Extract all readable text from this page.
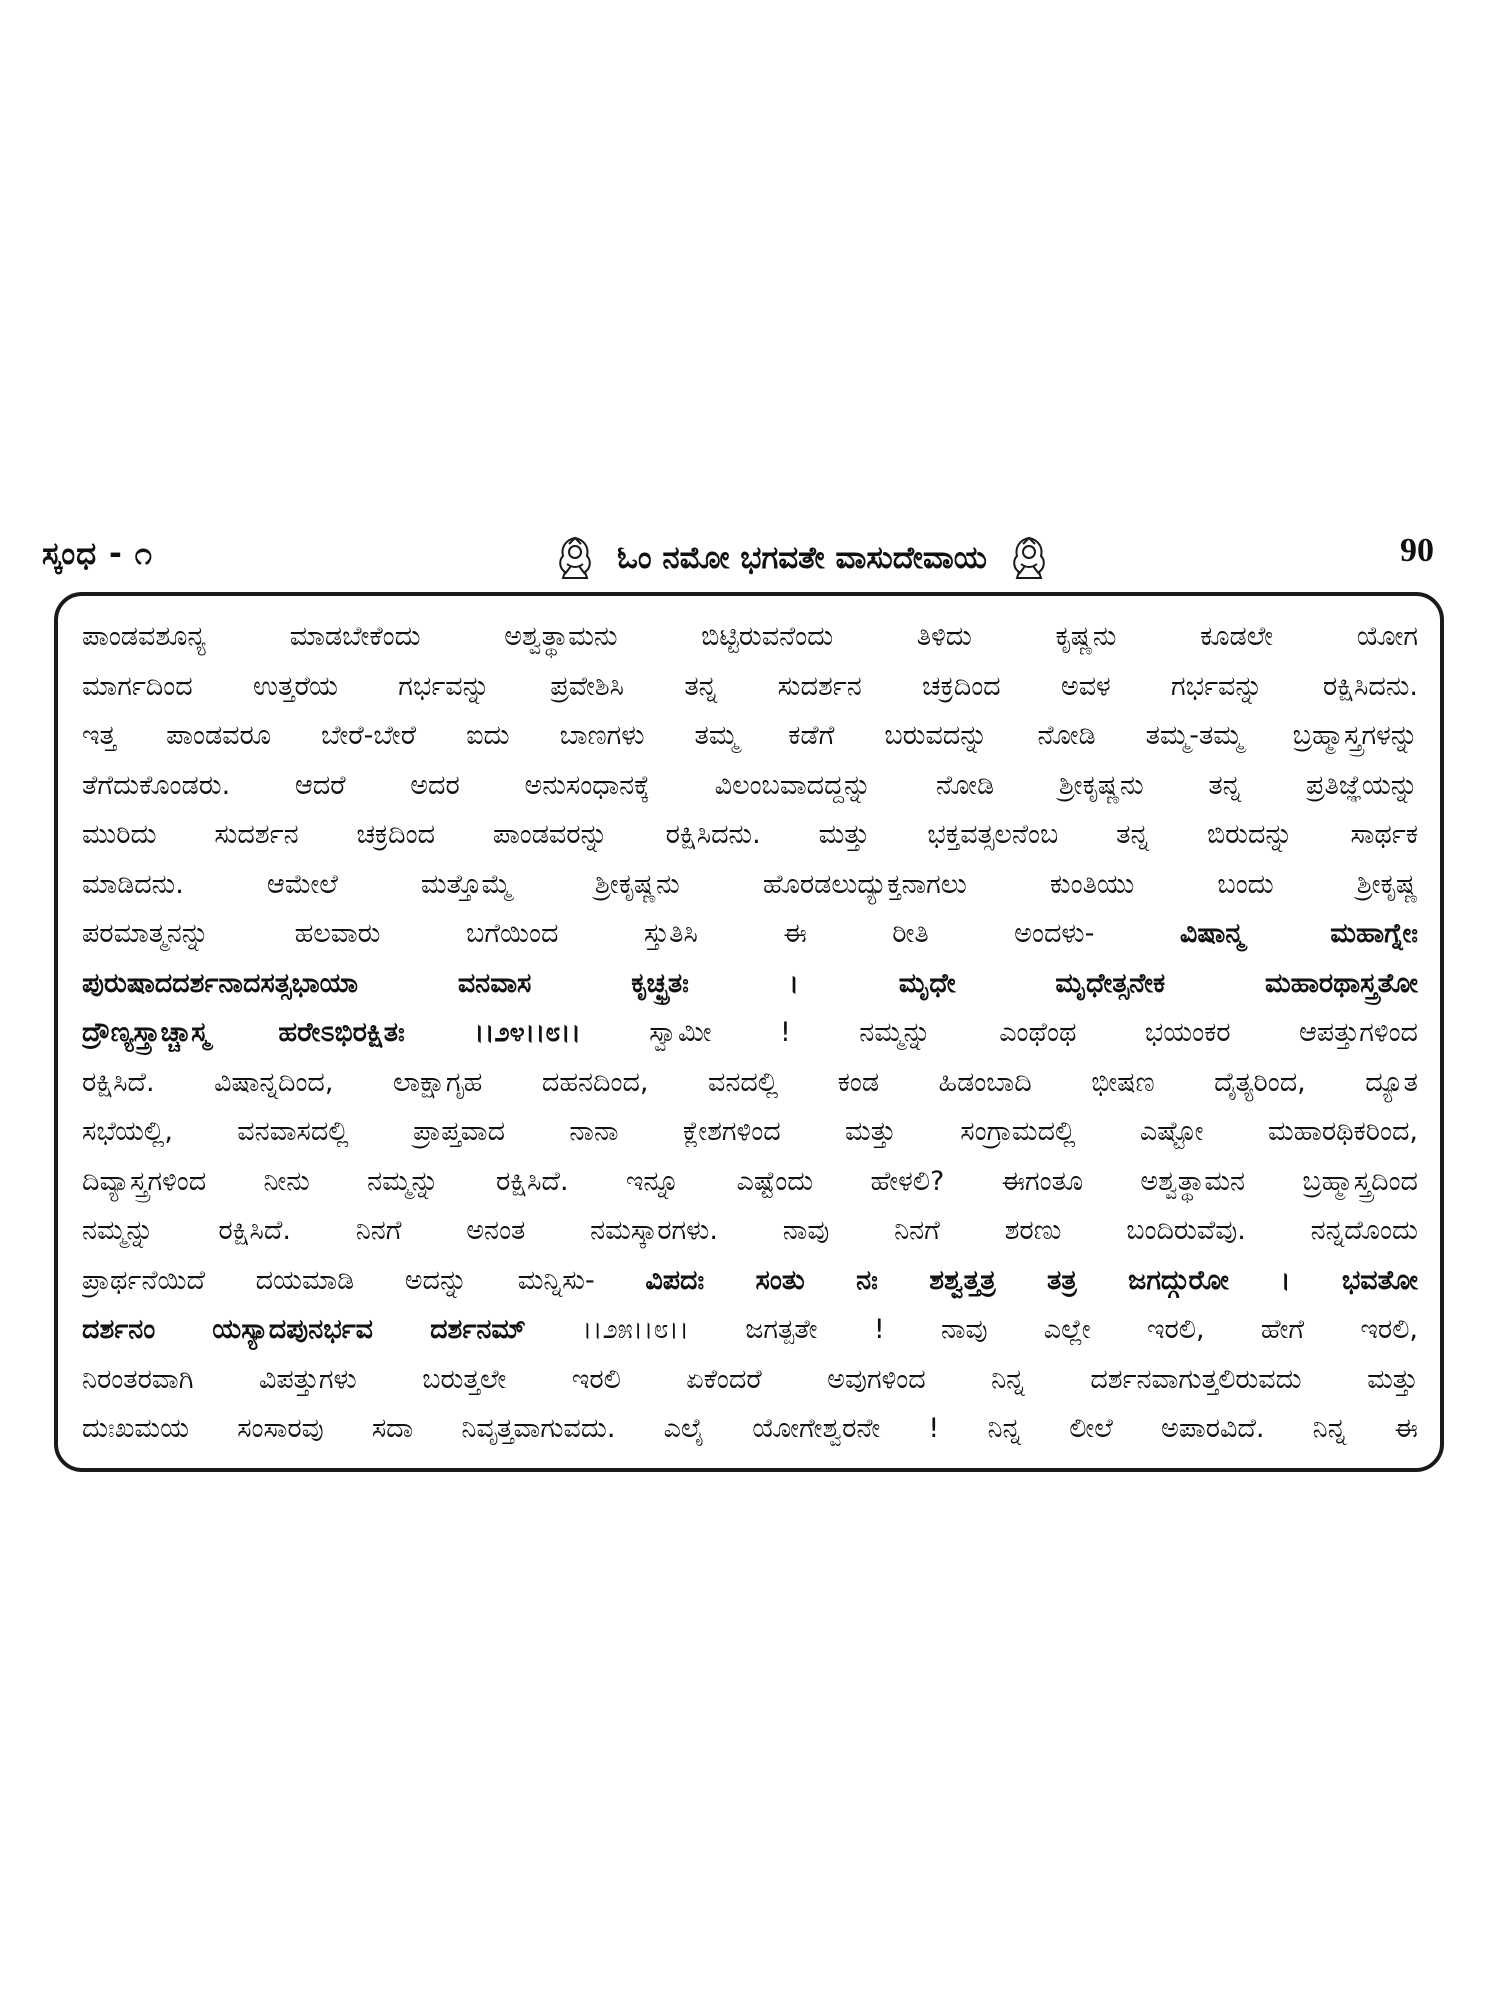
ಸ್ಕಂಧ - ೧	ಓಂ ನಮೋ ಭಗವತೇ ವಾಸುದೇವಾಯ	90
ಪಾಂಡವಶೂನ್ಯ ಮಾಡಬೇಕೆಂದು ಅಶ್ವತ್ಥಾಮನು ಬಿಟ್ಟಿರುವನೆಂದು ತಿಳಿದು ಕೃಷ್ಣನು ಕೂಡಲೇ ಯೋಗ
ಮಾರ್ಗದಿಂದ ಉತ್ತರೆಯ ಗರ್ಭವನ್ನು ಪ್ರವೇಶಿಸಿ ತನ್ನ ಸುದರ್ಶನ ಚಕ್ರದಿಂದ ಅವಳ ಗರ್ಭವನ್ನು ರಕ್ಷಿಸಿದನು.
ಇತ್ತ ಪಾಂಡವರೂ ಬೇರೆ-ಬೇರೆ ಐದು ಬಾಣಗಳು ತಮ್ಮ ಕಡೆಗೆ ಬರುವದನ್ನು ನೋಡಿ ತಮ್ಮ-ತಮ್ಮ ಬ್ರಹ್ಮಾಸ್ತ್ರಗಳನ್ನು
ತೆಗೆದುಕೊಂಡರು. ಆದರೆ ಅದರ ಅನುಸಂಧಾನಕ್ಕೆ ವಿಲಂಬವಾದದ್ದನ್ನು ನೋಡಿ ಶ್ರೀಕೃಷ್ಣನು ತನ್ನ ಪ್ರತಿಜ್ಞೆಯನ್ನು
ಮುರಿದು ಸುದರ್ಶನ ಚಕ್ರದಿಂದ ಪಾಂಡವರನ್ನು ರಕ್ಷಿಸಿದನು. ಮತ್ತು ಭಕ್ತವತ್ಸಲನೆಂಬ ತನ್ನ ಬಿರುದನ್ನು ಸಾರ್ಥಕ
ಮಾಡಿದನು. ಆಮೇಲೆ ಮತ್ತೊಮ್ಮೆ ಶ್ರೀಕೃಷ್ಣನು ಹೊರಡಲುದ್ಯುಕ್ತನಾಗಲು ಕುಂತಿಯು ಬಂದು ಶ್ರೀಕೃಷ್ಣ
ಪರಮಾತ್ಮನನ್ನು ಹಲವಾರು ಬಗೆಯಿಂದ ಸ್ತುತಿಸಿ ಈ ರೀತಿ ಅಂದಳು- ವಿಷಾನ್ಮ ಮಹಾಗ್ನೇಃ
ಪುರುಷಾದದರ್ಶನಾದಸತ್ಸಭಾಯಾ ವನವಾಸ ಕೃಚ್ಛ್ರತಃ । ಮೃಧೇ ಮೃಧೇತ್ಸನೇಕ ಮಹಾರಥಾಸ್ತ್ರತೋ
ದ್ರೌಣ್ಯಸ್ತ್ರಾಚ್ಚಾಸ್ಮ ಹರೇಽಭಿರಕ್ಷಿತಃ ।।೨೪।।೮।। ಸ್ವಾಮೀ ! ನಮ್ಮನ್ನು ಎಂಥೆಂಥ ಭಯಂಕರ ಆಪತ್ತುಗಳಿಂದ
ರಕ್ಷಿಸಿದೆ. ವಿಷಾನ್ನದಿಂದ, ಲಾಕ್ಷಾಗೃಹ ದಹನದಿಂದ, ವನದಲ್ಲಿ ಕಂಡ ಹಿಡಂಬಾದಿ ಭೀಷಣ ದೈತ್ಯರಿಂದ, ದ್ಯೂತ
ಸಭೆಯಲ್ಲಿ, ವನವಾಸದಲ್ಲಿ ಪ್ರಾಪ್ತವಾದ ನಾನಾ ಕ್ಲೇಶಗಳಿಂದ ಮತ್ತು ಸಂಗ್ರಾಮದಲ್ಲಿ ಎಷ್ಟೋ ಮಹಾರಥಿಕರಿಂದ,
ದಿವ್ಯಾಸ್ತ್ರಗಳಿಂದ ನೀನು ನಮ್ಮನ್ನು ರಕ್ಷಿಸಿದೆ. ಇನ್ನೂ ಎಷ್ಟೆಂದು ಹೇಳಲಿ? ಈಗಂತೂ ಅಶ್ವತ್ಥಾಮನ ಬ್ರಹ್ಮಾಸ್ತ್ರದಿಂದ
ನಮ್ಮನ್ನು ರಕ್ಷಿಸಿದೆ. ನಿನಗೆ ಅನಂತ ನಮಸ್ಕಾರಗಳು. ನಾವು ನಿನಗೆ ಶರಣು ಬಂದಿರುವೆವು. ನನ್ನದೊಂದು
ಪ್ರಾರ್ಥನೆಯಿದೆ ದಯಮಾಡಿ ಅದನ್ನು ಮನ್ನಿಸು- ವಿಪದಃ ಸಂತು ನಃ ಶಶ್ವತ್ತತ್ರ ತತ್ರ ಜಗದ್ಗುರೋ । ಭವತೋ
ದರ್ಶನಂ ಯಸ್ಯಾದಪುನರ್ಭವ ದರ್ಶನಮ್ ।।೨೫।।೮।। ಜಗತ್ಪತೇ ! ನಾವು ಎಲ್ಲೇ ಇರಲಿ, ಹೇಗೆ ಇರಲಿ,
ನಿರಂತರವಾಗಿ ವಿಪತ್ತುಗಳು ಬರುತ್ತಲೇ ಇರಲಿ ಏಕೆಂದರೆ ಅವುಗಳಿಂದ ನಿನ್ನ ದರ್ಶನವಾಗುತ್ತಲಿರುವದು ಮತ್ತು
ದುಃಖಮಯ ಸಂಸಾರವು ಸದಾ ನಿವೃತ್ತವಾಗುವದು. ಎಲೈ ಯೋಗೇಶ್ವರನೇ ! ನಿನ್ನ ಲೀಲೆ ಅಪಾರವಿದೆ. ನಿನ್ನ ಈ
